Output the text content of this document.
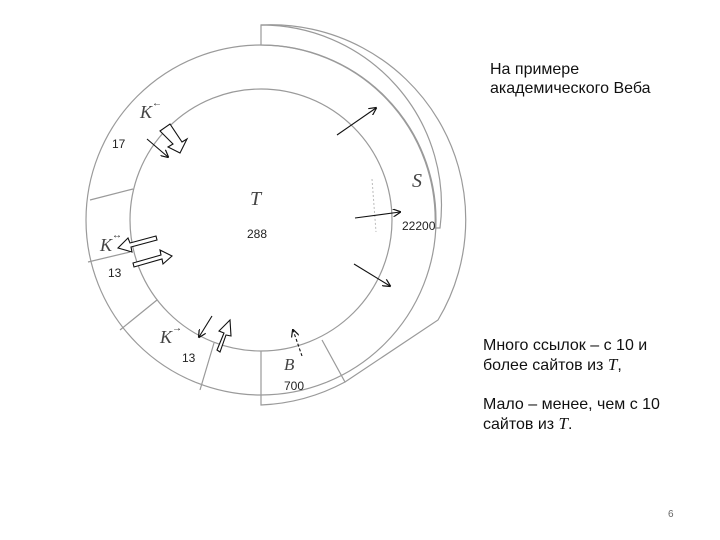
T
288
S
22200
B
700
K ←
17
K ↔
13
K →
13
На примере
академического Веба
Много ссылок – с 10 и
более сайтов из T,
Мало – менее, чем с 10
сайтов из T.
6
